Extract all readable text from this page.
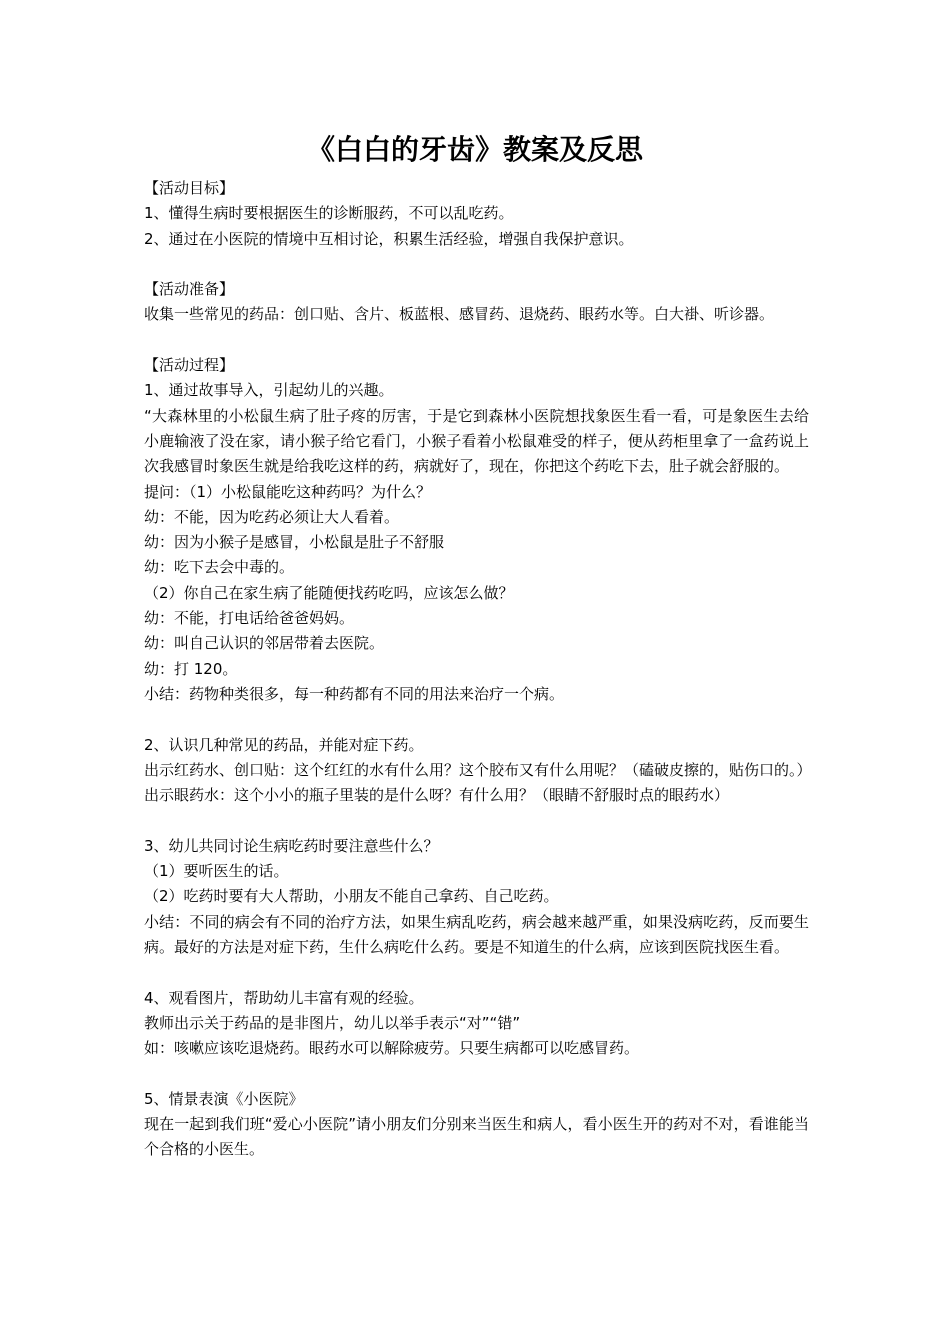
《白白的牙齿》教案及反思

【活动目标】

1、懂得生病时要根据医生的诊断服药，不可以乱吃药。

2、通过在小医院的情境中互相讨论，积累生活经验，增强自我保护意识。

【活动准备】

收集一些常见的药品：创口贴、含片、板蓝根、感冒药、退烧药、眼药水等。白大褂、听诊器。

【活动过程】

1、通过故事导入，引起幼儿的兴趣。

“大森林里的小松鼠生病了肚子疼的厉害，于是它到森林小医院想找象医生看一看，可是象医生去给小鹿输液了没在家，请小猴子给它看门，小猴子看着小松鼠难受的样子，便从药柜里拿了一盒药说上次我感冒时象医生就是给我吃这样的药，病就好了，现在，你把这个药吃下去，肚子就会舒服的。

提问：（1）小松鼠能吃这种药吗？为什么？

幼：不能，因为吃药必须让大人看着。

幼：因为小猴子是感冒，小松鼠是肚子不舒服

幼：吃下去会中毒的。

（2）你自己在家生病了能随便找药吃吗，应该怎么做？

幼：不能，打电话给爸爸妈妈。

幼：叫自己认识的邻居带着去医院。

幼：打 120。

小结：药物种类很多，每一种药都有不同的用法来治疗一个病。

2、认识几种常见的药品，并能对症下药。

出示红药水、创口贴：这个红红的水有什么用？这个胶布又有什么用呢？（磕破皮擦的，贴伤口的。）

出示眼药水：这个小小的瓶子里装的是什么呀？有什么用？（眼睛不舒服时点的眼药水）

3、幼儿共同讨论生病吃药时要注意些什么？

（1）要听医生的话。

（2）吃药时要有大人帮助，小朋友不能自己拿药、自己吃药。

小结：不同的病会有不同的治疗方法，如果生病乱吃药，病会越来越严重，如果没病吃药，反而要生病。最好的方法是对症下药，生什么病吃什么药。要是不知道生的什么病，应该到医院找医生看。

4、观看图片，帮助幼儿丰富有观的经验。

教师出示关于药品的是非图片，幼儿以举手表示“对”“错”

如：咳嗽应该吃退烧药。眼药水可以解除疲劳。只要生病都可以吃感冒药。

5、情景表演《小医院》

现在一起到我们班“爱心小医院”请小朋友们分别来当医生和病人，看小医生开的药对不对，看谁能当个合格的小医生。
